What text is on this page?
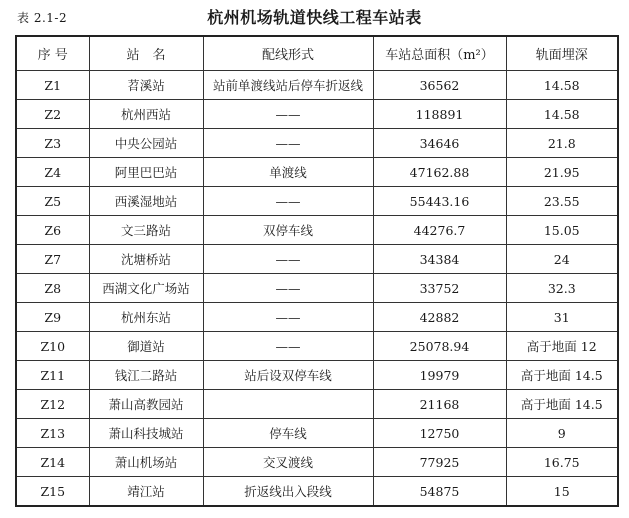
表 2.1-2	杭州机场轨道快线工程车站表
序 号	站　名	配线形式	车站总面积（m²）	轨面埋深
Z1	苕溪站	站前单渡线站后停车折返线	36562	14.58
Z2	杭州西站	——	118891	14.58
Z3	中央公园站	——	34646	21.8
Z4	阿里巴巴站	单渡线	47162.88	21.95
Z5	西溪湿地站	——	55443.16	23.55
Z6	文三路站	双停车线	44276.7	15.05
Z7	沈塘桥站	——	34384	24
Z8	西湖文化广场站	——	33752	32.3
Z9	杭州东站	——	42882	31
Z10	御道站	——	25078.94	高于地面 12
Z11	钱江二路站	站后设双停车线	19979	高于地面 14.5
Z12	萧山高教园站		21168	高于地面 14.5
Z13	萧山科技城站	停车线	12750	9
Z14	萧山机场站	交叉渡线	77925	16.75
Z15	靖江站	折返线出入段线	54875	15
